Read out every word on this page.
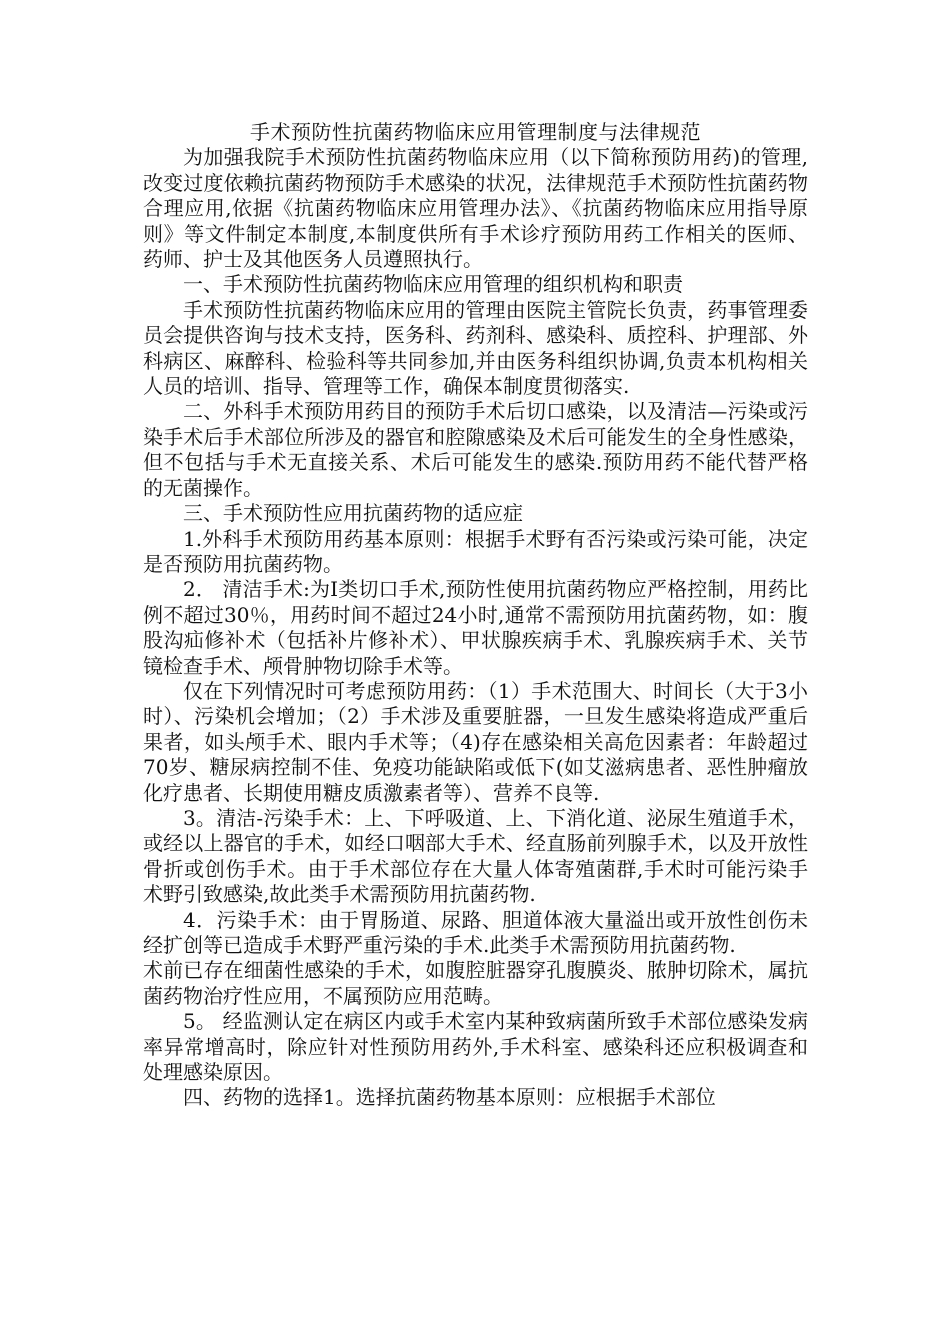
手术预防性抗菌药物临床应用管理制度与法律规范

为加强我院手术预防性抗菌药物临床应用（以下简称预防用药)的管理,改变过度依赖抗菌药物预防手术感染的状况，法律规范手术预防性抗菌药物合理应用,依据《抗菌药物临床应用管理办法》、《抗菌药物临床应用指导原则》等文件制定本制度,本制度供所有手术诊疗预防用药工作相关的医师、药师、护士及其他医务人员遵照执行。

一、手术预防性抗菌药物临床应用管理的组织机构和职责

手术预防性抗菌药物临床应用的管理由医院主管院长负责，药事管理委员会提供咨询与技术支持，医务科、药剂科、感染科、质控科、护理部、外科病区、麻醉科、检验科等共同参加,并由医务科组织协调,负责本机构相关人员的培训、指导、管理等工作，确保本制度贯彻落实.

二、外科手术预防用药目的预防手术后切口感染，以及清洁—污染或污染手术后手术部位所涉及的器官和腔隙感染及术后可能发生的全身性感染，但不包括与手术无直接关系、术后可能发生的感染.预防用药不能代替严格的无菌操作。

三、手术预防性应用抗菌药物的适应症

1.外科手术预防用药基本原则：根据手术野有否污染或污染可能，决定是否预防用抗菌药物。

2． 清洁手术:为Ⅰ类切口手术,预防性使用抗菌药物应严格控制，用药比例不超过30％，用药时间不超过24小时,通常不需预防用抗菌药物，如：腹股沟疝修补术（包括补片修补术）、甲状腺疾病手术、乳腺疾病手术、关节镜检查手术、颅骨肿物切除手术等。

仅在下列情况时可考虑预防用药：（1）手术范围大、时间长（大于3小时）、污染机会增加；（2）手术涉及重要脏器，一旦发生感染将造成严重后果者，如头颅手术、眼内手术等；（4)存在感染相关高危因素者：年龄超过70岁、糖尿病控制不佳、免疫功能缺陷或低下(如艾滋病患者、恶性肿瘤放化疗患者、长期使用糖皮质激素者等）、营养不良等.

3。清洁-污染手术：上、下呼吸道、上、下消化道、泌尿生殖道手术，或经以上器官的手术，如经口咽部大手术、经直肠前列腺手术，以及开放性骨折或创伤手术。由于手术部位存在大量人体寄殖菌群,手术时可能污染手术野引致感染,故此类手术需预防用抗菌药物.

4．污染手术：由于胃肠道、尿路、胆道体液大量溢出或开放性创伤未经扩创等已造成手术野严重污染的手术.此类手术需预防用抗菌药物.

术前已存在细菌性感染的手术，如腹腔脏器穿孔腹膜炎、脓肿切除术，属抗菌药物治疗性应用，不属预防应用范畴。

5。 经监测认定在病区内或手术室内某种致病菌所致手术部位感染发病率异常增高时，除应针对性预防用药外,手术科室、感染科还应积极调查和处理感染原因。

四、药物的选择1。选择抗菌药物基本原则：应根据手术部位
